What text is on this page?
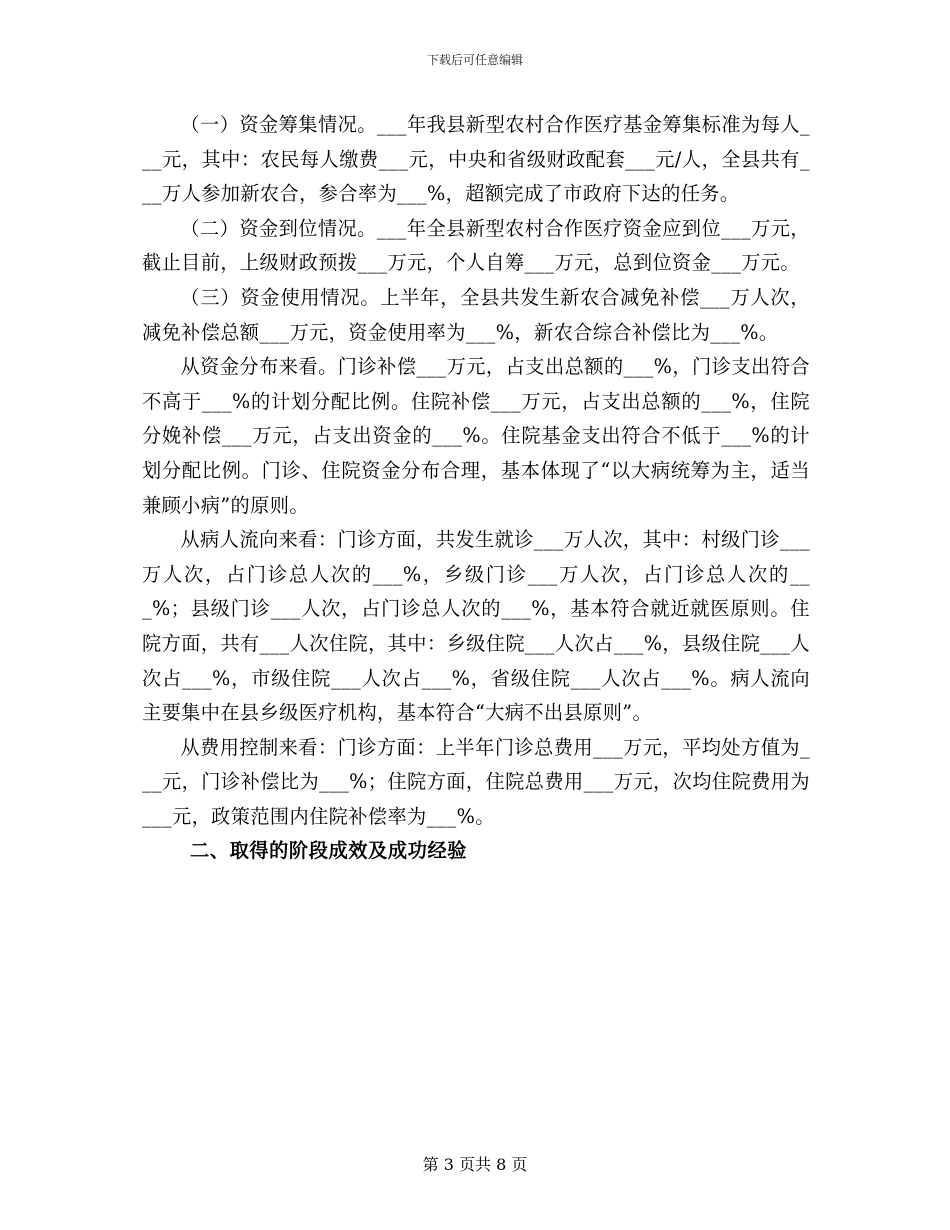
下载后可任意编辑

（一）资金筹集情况。___年我县新型农村合作医疗基金筹集标准为每人___元，其中：农民每人缴费___元，中央和省级财政配套___元/人，全县共有___万人参加新农合，参合率为___%，超额完成了市政府下达的任务。

（二）资金到位情况。___年全县新型农村合作医疗资金应到位___万元，截止目前，上级财政预拨___万元，个人自筹___万元，总到位资金___万元。

（三）资金使用情况。上半年，全县共发生新农合减免补偿___万人次，减免补偿总额___万元，资金使用率为___%，新农合综合补偿比为___%。

从资金分布来看。门诊补偿___万元，占支出总额的___%，门诊支出符合不高于___%的计划分配比例。住院补偿___万元，占支出总额的___%，住院分娩补偿___万元，占支出资金的___%。住院基金支出符合不低于___%的计划分配比例。门诊、住院资金分布合理，基本体现了“以大病统筹为主，适当兼顾小病”的原则。

从病人流向来看：门诊方面，共发生就诊___万人次，其中：村级门诊___万人次，占门诊总人次的___%，乡级门诊___万人次，占门诊总人次的___%；县级门诊___人次，占门诊总人次的___%，基本符合就近就医原则。住院方面，共有___人次住院，其中：乡级住院___人次占___%，县级住院___人次占___%，市级住院___人次占___%，省级住院___人次占___%。病人流向主要集中在县乡级医疗机构，基本符合“大病不出县原则”。

从费用控制来看：门诊方面：上半年门诊总费用___万元，平均处方值为___元，门诊补偿比为___%；住院方面，住院总费用___万元，次均住院费用为___元，政策范围内住院补偿率为___%。

二、取得的阶段成效及成功经验

第 3 页共 8 页
